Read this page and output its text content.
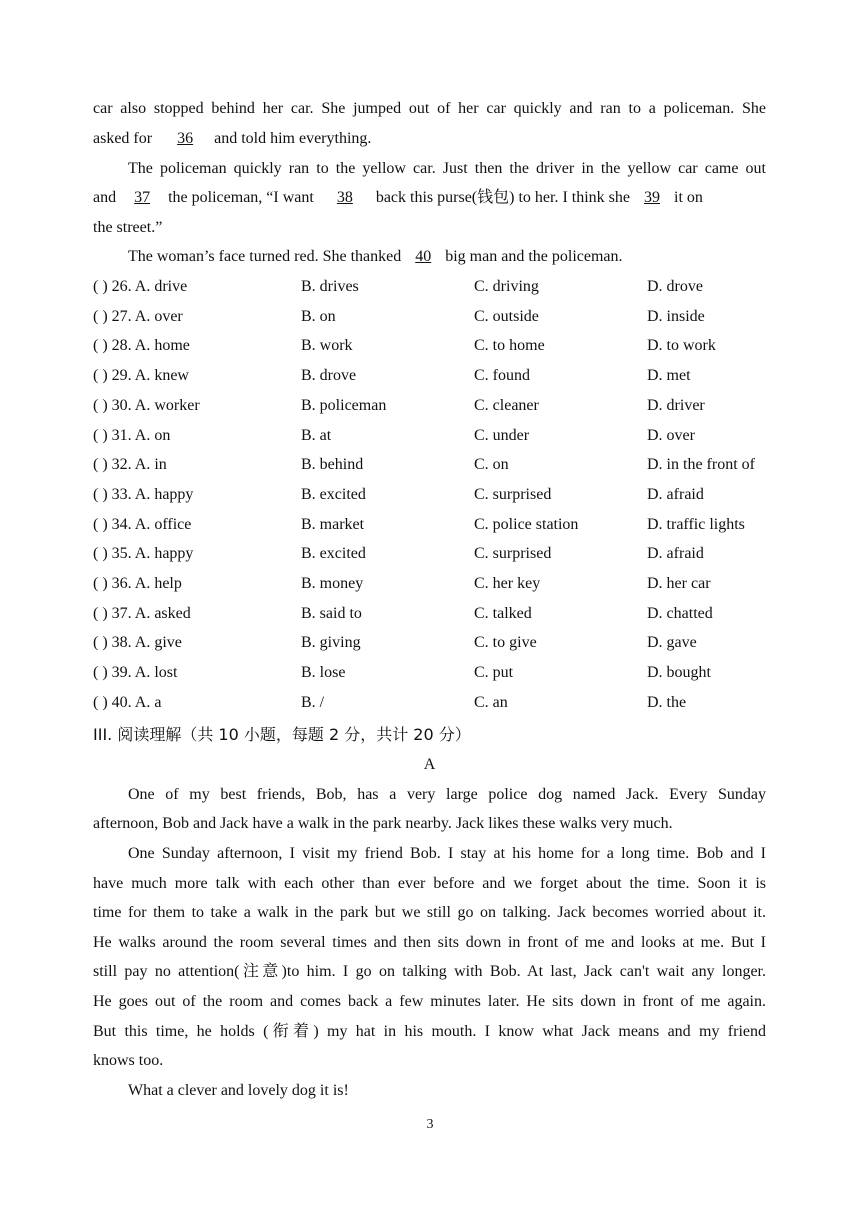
car also stopped behind her car. She jumped out of her car quickly and ran to a policeman. She
asked for 36 and told him everything.
The policeman quickly ran to the yellow car. Just then the driver in the yellow car came out
and 37 the policeman, “I want 38 back this purse(钱包) to her. I think she 39 it on
the street.”
The woman’s face turned red. She thanked 40 big man and the policeman.
( ) 26. A. drive	B. drives	C. driving	D. drove
( ) 27. A. over	B. on	C. outside	D. inside
( ) 28. A. home	B. work	C. to home	D. to work
( ) 29. A. knew	B. drove	C. found	D. met
( ) 30. A. worker	B. policeman	C. cleaner	D. driver
( ) 31. A. on	B. at	C. under	D. over
( ) 32. A. in	B. behind	C. on	D. in the front of
( ) 33. A. happy	B. excited	C. surprised	D. afraid
( ) 34. A. office	B. market	C. police station	D. traffic lights
( ) 35. A. happy	B. excited	C. surprised	D. afraid
( ) 36. A. help	B. money	C. her key	D. her car
( ) 37. A. asked	B. said to	C. talked	D. chatted
( ) 38. A. give	B. giving	C. to give	D. gave
( ) 39. A. lost	B. lose	C. put	D. bought
( ) 40. A. a	B. /	C. an	D. the
III. 阅读理解（共 10 小题，每题 2 分，共计 20 分）
A
One of my best friends, Bob, has a very large police dog named Jack. Every Sunday
afternoon, Bob and Jack have a walk in the park nearby. Jack likes these walks very much.
One Sunday afternoon, I visit my friend Bob. I stay at his home for a long time. Bob and I
have much more talk with each other than ever before and we forget about the time. Soon it is
time for them to take a walk in the park but we still go on talking. Jack becomes worried about it.
He walks around the room several times and then sits down in front of me and looks at me. But I
still pay no attention(注意)to him. I go on talking with Bob. At last, Jack can't wait any longer.
He goes out of the room and comes back a few minutes later. He sits down in front of me again.
But this time, he holds (衔着) my hat in his mouth. I know what Jack means and my friend
knows too.
What a clever and lovely dog it is!
3
